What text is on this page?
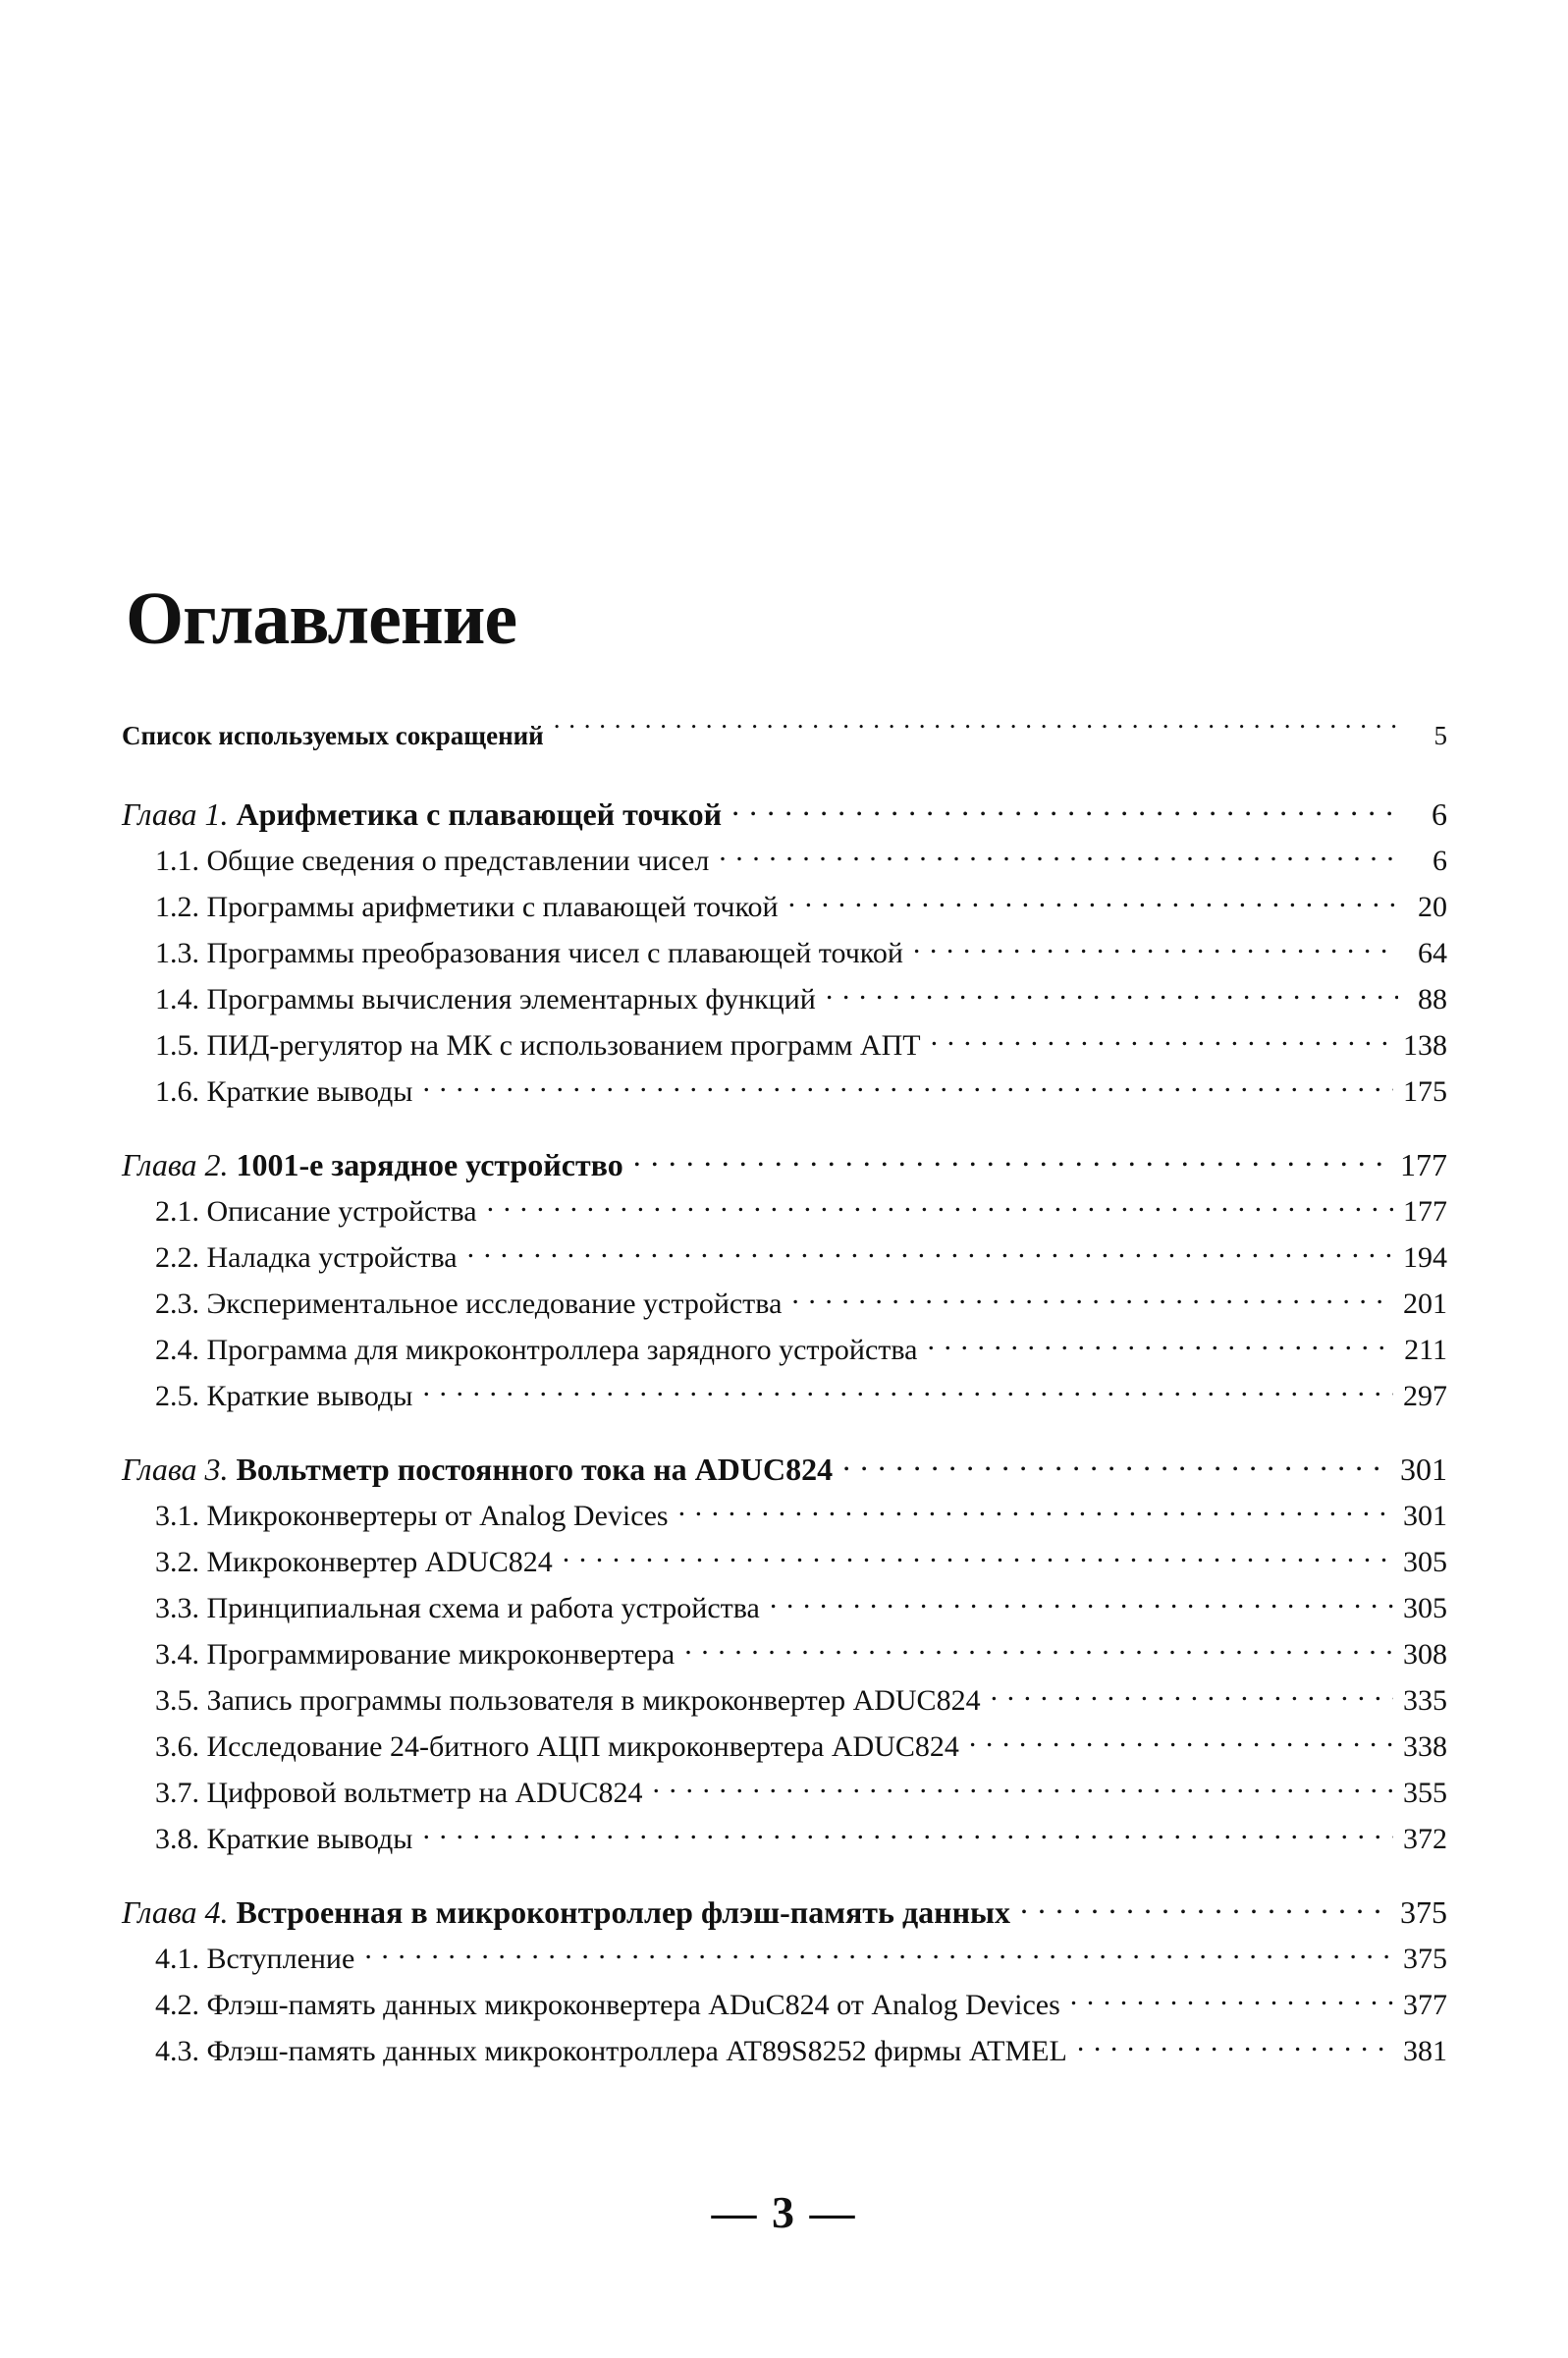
Оглавление
Список используемых сокращений . . .	5
Глава 1. Арифметика с плавающей точкой . . .	6
1.1. Общие сведения о представлении чисел . . .	6
1.2. Программы арифметики с плавающей точкой . . .	20
1.3. Программы преобразования чисел с плавающей точкой . . .	64
1.4. Программы вычисления элементарных функций . . .	88
1.5. ПИД-регулятор на МК с использованием программ АПТ . . .	138
1.6. Краткие выводы . . .	175
Глава 2. 1001-е зарядное устройство . . .	177
2.1. Описание устройства . . .	177
2.2. Наладка устройства . . .	194
2.3. Экспериментальное исследование устройства . . .	201
2.4. Программа для микроконтроллера зарядного устройства . . .	211
2.5. Краткие выводы . . .	297
Глава 3. Вольтметр постоянного тока на ADUC824 . . .	301
3.1. Микроконвертеры от Analog Devices . . .	301
3.2. Микроконвертер ADUC824 . . .	305
3.3. Принципиальная схема и работа устройства . . .	305
3.4. Программирование микроконвертера . . .	308
3.5. Запись программы пользователя в микроконвертер ADUC824 . . .	335
3.6. Исследование 24-битного АЦП микроконвертера ADUC824 . . .	338
3.7. Цифровой вольтметр на ADUC824 . . .	355
3.8. Краткие выводы . . .	372
Глава 4. Встроенная в микроконтроллер флэш-память данных . . .	375
4.1. Вступление . . .	375
4.2. Флэш-память данных микроконвертера ADuC824 от Analog Devices . . .	377
4.3. Флэш-память данных микроконтроллера AT89S8252 фирмы ATMEL . . .	381
— 3 —
